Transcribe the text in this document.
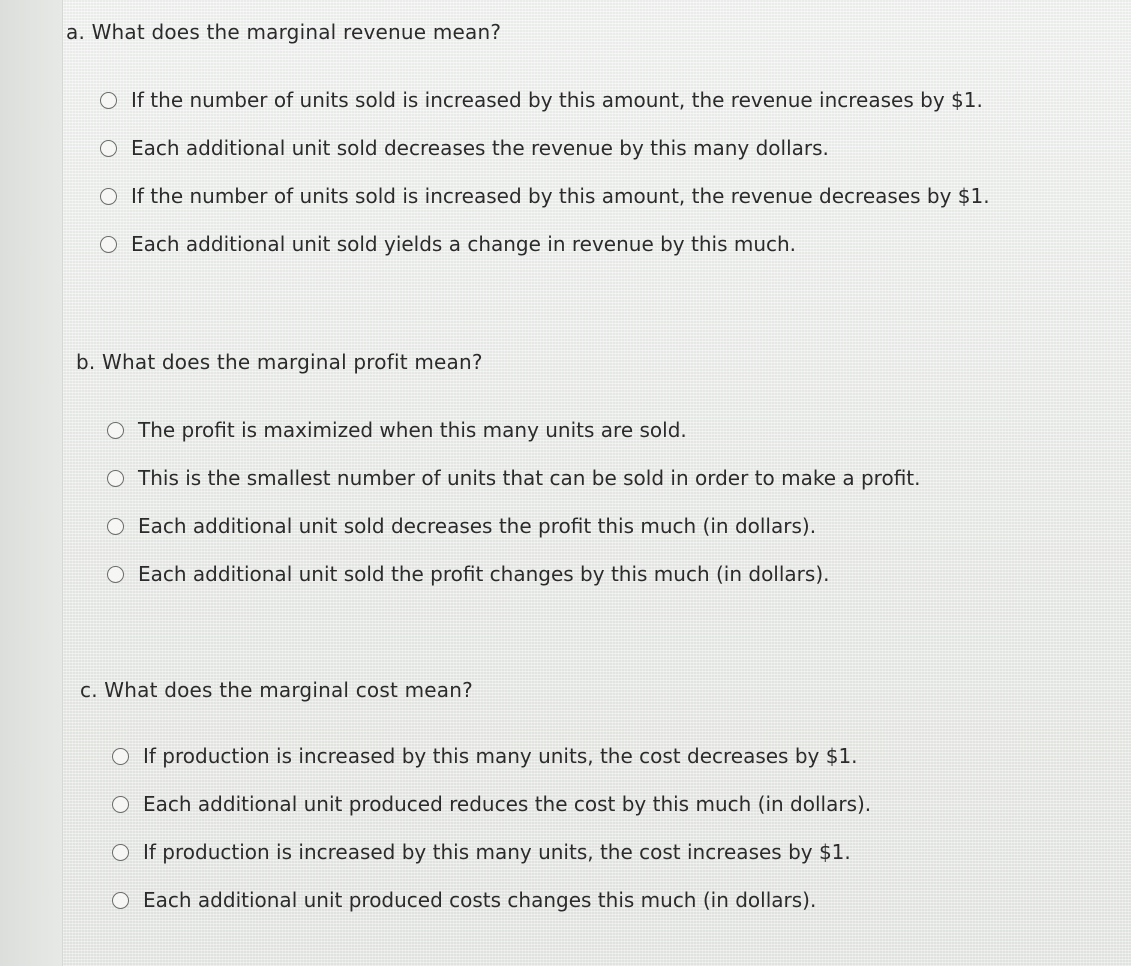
a. What does the marginal revenue mean?
If the number of units sold is increased by this amount, the revenue increases by $1.
Each additional unit sold decreases the revenue by this many dollars.
If the number of units sold is increased by this amount, the revenue decreases by $1.
Each additional unit sold yields a change in revenue by this much.
b. What does the marginal profit mean?
The profit is maximized when this many units are sold.
This is the smallest number of units that can be sold in order to make a profit.
Each additional unit sold decreases the profit this much (in dollars).
Each additional unit sold the profit changes by this much (in dollars).
c. What does the marginal cost mean?
If production is increased by this many units, the cost decreases by $1.
Each additional unit produced reduces the cost by this much (in dollars).
If production is increased by this many units, the cost increases by $1.
Each additional unit produced costs changes this much (in dollars).
